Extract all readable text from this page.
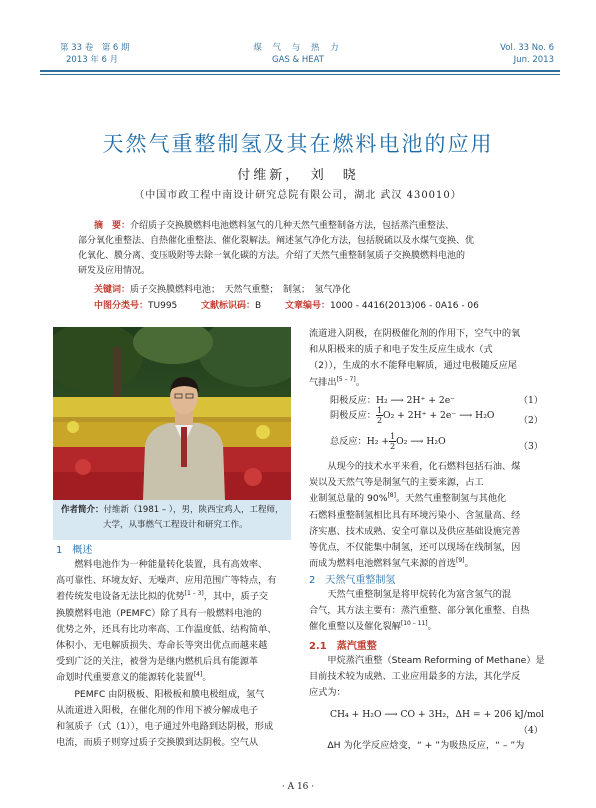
第 33 卷　第 6 期
2013 年 6 月
煤 气 与 热 力
GAS & HEAT
Vol. 33 No. 6
Jun. 2013
天然气重整制氢及其在燃料电池的应用
付维新，　刘　晓
（中国市政工程中南设计研究总院有限公司，湖北 武汉 430010）
摘　要：介绍质子交换膜燃料电池燃料氢气的几种天然气重整制备方法，包括蒸汽重整法、
部分氧化重整法、自热催化重整法、催化裂解法。阐述氢气净化方法，包括脱硫以及水煤气变换、优
化氧化、膜分离、变压吸附等去除一氧化碳的方法。介绍了天然气重整制氢质子交换膜燃料电池的
研发及应用情况。
关键词：质子交换膜燃料电池；　天然气重整；　制氢；　氢气净化
中图分类号：TU995	文献标识码：B	文章编号：1000 - 4416(2013)06 - 0A16 - 06
作者简介：付维新（1981 – ），男，陕西宝鸡人，工程师，
大学，从事燃气工程设计和研究工作。
1　概述
　　燃料电池作为一种能量转化装置，具有高效率、
高可靠性、环境友好、无噪声、应用范围广等特点，有
着传统发电设备无法比拟的优势[1 – 3]，其中，质子交
换膜燃料电池（PEMFC）除了具有一般燃料电池的
优势之外，还具有比功率高、工作温度低、结构简单、
体积小、无电解质损失、寿命长等突出优点而越来越
受到广泛的关注，被誉为是继内燃机后具有能源革
命划时代重要意义的能源转化装置[4]。
　　PEMFC 由阴极板、阳极板和膜电极组成，氢气
从流道进入阳极，在催化剂的作用下被分解成电子
和氢质子（式（1）），电子通过外电路到达阴极，形成
电流，而质子则穿过质子交换膜到达阴极。空气从
流道进入阴极，在阴极催化剂的作用下，空气中的氧
和从阳极来的质子和电子发生反应生成水（式
（2）），生成的水不能释电解质，通过电极随反应尾
气排出[5 – 7]。
阳极反应：H₂ ⟶ 2H⁺ + 2e⁻	（1）
阴极反应： $\frac{1}{2} O_2 + 2H^+ + 2e^-$ ⟶ H₂O	（2）
总反应：$H_2 + \frac{1}{2} O_2$ ⟶ H₂O	（3）
　　从现今的技术水平来看，化石燃料包括石油、煤
炭以及天然气等是制氢气的主要来源，占工
业制氢总量的 90%[8]。天然气重整制氢与其他化
石燃料重整制氢相比具有环境污染小、含氢量高、经
济实惠、技术成熟、安全可靠以及供应基础设施完善
等优点，不仅能集中制氢，还可以现场在线制氢，因
而成为燃料电池燃料氢气来源的首选[9]。
2　天然气重整制氢
　　天然气重整制氢是将甲烷转化为富含氢气的混
合气，其方法主要有：蒸汽重整、部分氧化重整、自热
催化重整以及催化裂解[10 – 11]。
2.1　蒸汽重整
　　甲烷蒸汽重整（Steam Reforming of Methane）是
目前技术较为成熟、工业应用最多的方法，其化学反
应式为：
CH₄ + H₂O ⟶ CO + 3H₂，ΔH = + 206 kJ/mol
（4）
　　ΔH 为化学反应焓变，“ + ”为吸热反应，“ – ”为
· A 16 ·
